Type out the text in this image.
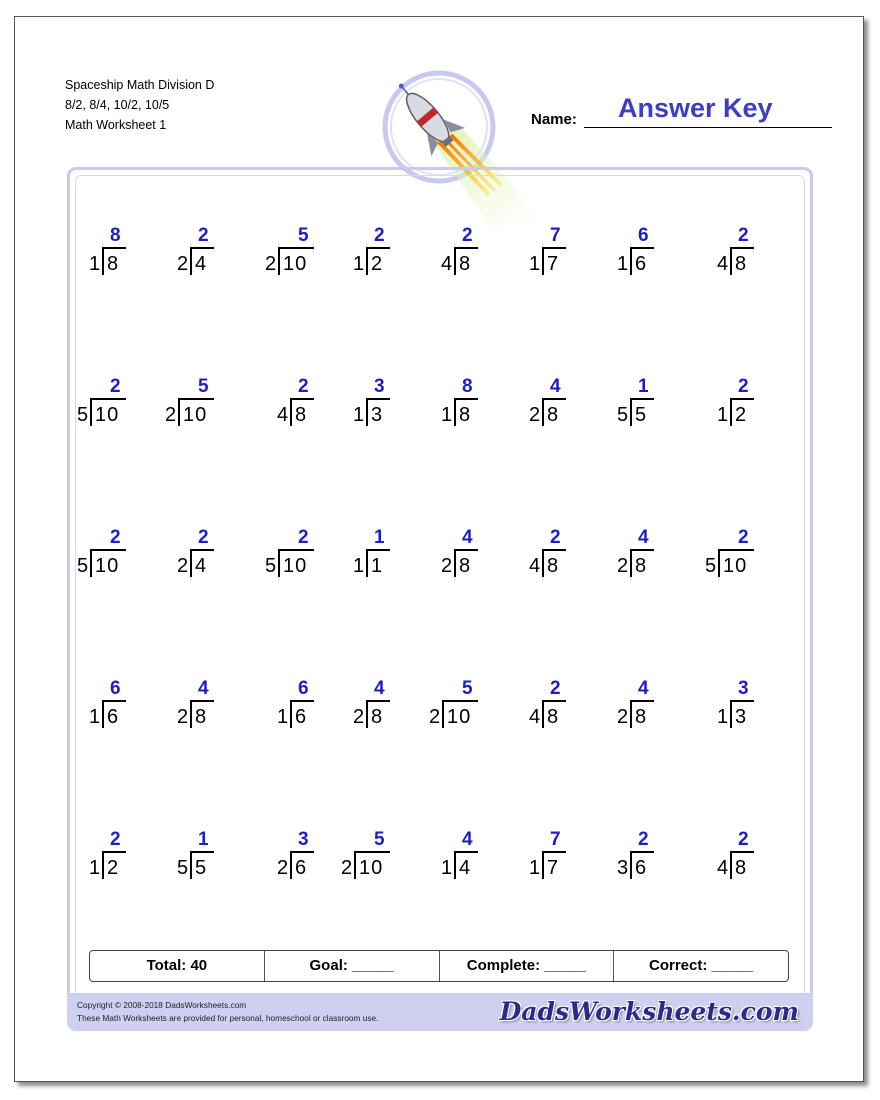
Spaceship Math Division D
8/2, 8/4, 10/2, 10/5
Math Worksheet 1
Answer Key
Name:
8
1 8
2
2 4
5
2 10
2
1 2
2
4 8
7
1 7
6
1 6
2
4 8
2
5 10
5
2 10
2
4 8
3
1 3
8
1 8
4
2 8
1
5 5
2
1 2
2
5 10
2
2 4
2
5 10
1
1 1
4
2 8
2
4 8
4
2 8
2
5 10
6
1 6
4
2 8
6
1 6
4
2 8
5
2 10
2
4 8
4
2 8
3
1 3
2
1 2
1
5 5
3
2 6
5
2 10
4
1 4
7
1 7
2
3 6
2
4 8
Total: 40	Goal: _____	Complete: _____	Correct: _____
Copyright © 2008-2018 DadsWorksheets.com
These Math Worksheets are provided for personal, homeschool or classroom use.	DadsWorksheets.com
